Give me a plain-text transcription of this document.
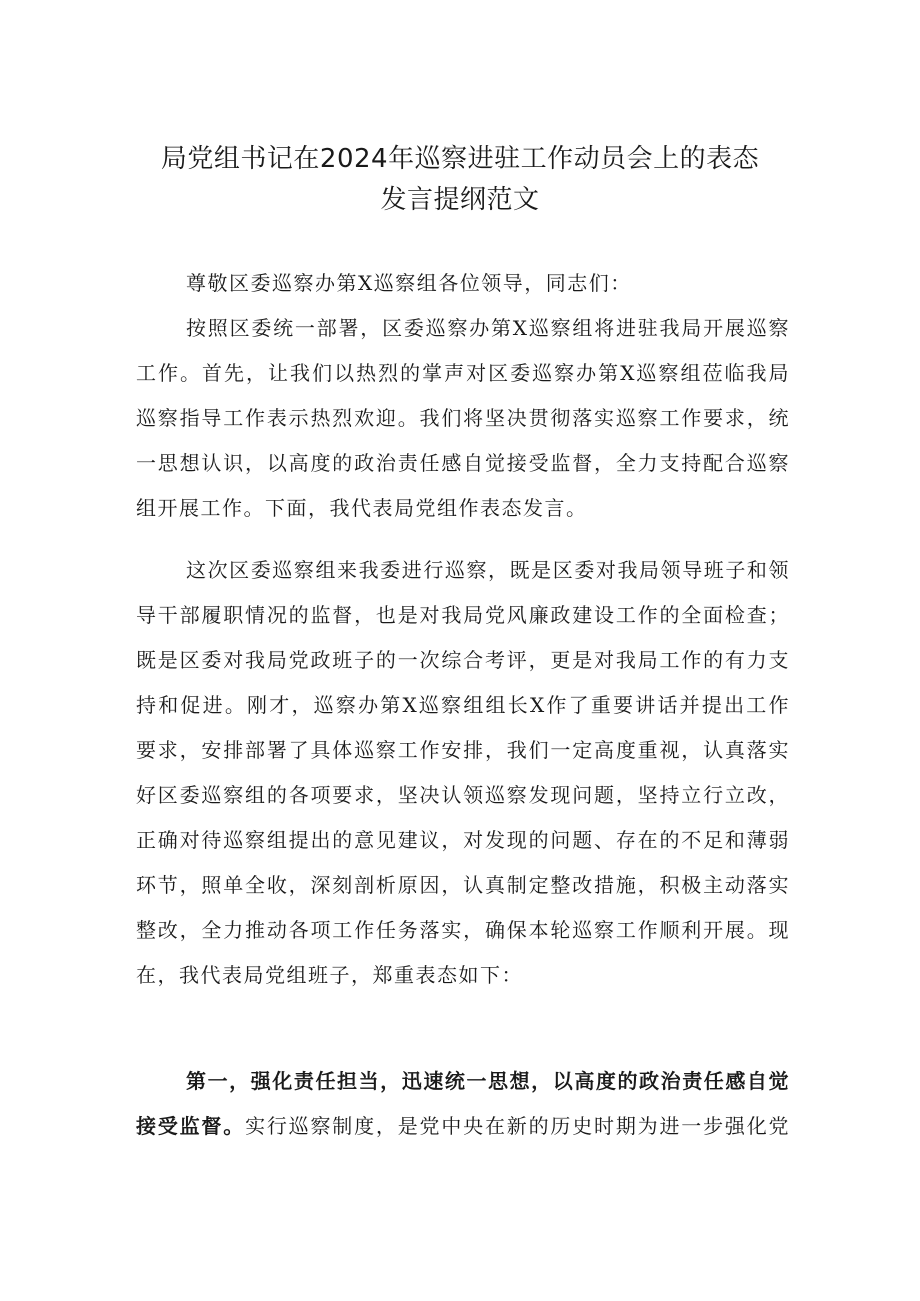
局党组书记在2024年巡察进驻工作动员会上的表态
发言提纲范文
尊敬区委巡察办第X巡察组各位领导，同志们：
按照区委统一部署，区委巡察办第X巡察组将进驻我局开展巡察
工作。首先，让我们以热烈的掌声对区委巡察办第X巡察组莅临我局
巡察指导工作表示热烈欢迎。我们将坚决贯彻落实巡察工作要求，统
一思想认识，以高度的政治责任感自觉接受监督，全力支持配合巡察
组开展工作。下面，我代表局党组作表态发言。
这次区委巡察组来我委进行巡察，既是区委对我局领导班子和领
导干部履职情况的监督，也是对我局党风廉政建设工作的全面检查；
既是区委对我局党政班子的一次综合考评，更是对我局工作的有力支
持和促进。刚才，巡察办第X巡察组组长X作了重要讲话并提出工作
要求，安排部署了具体巡察工作安排，我们一定高度重视，认真落实
好区委巡察组的各项要求，坚决认领巡察发现问题，坚持立行立改，
正确对待巡察组提出的意见建议，对发现的问题、存在的不足和薄弱
环节，照单全收，深刻剖析原因，认真制定整改措施，积极主动落实
整改，全力推动各项工作任务落实，确保本轮巡察工作顺利开展。现
在，我代表局党组班子，郑重表态如下：
第一，强化责任担当，迅速统一思想，以高度的政治责任感自觉
接受监督。实行巡察制度，是党中央在新的历史时期为进一步强化党
